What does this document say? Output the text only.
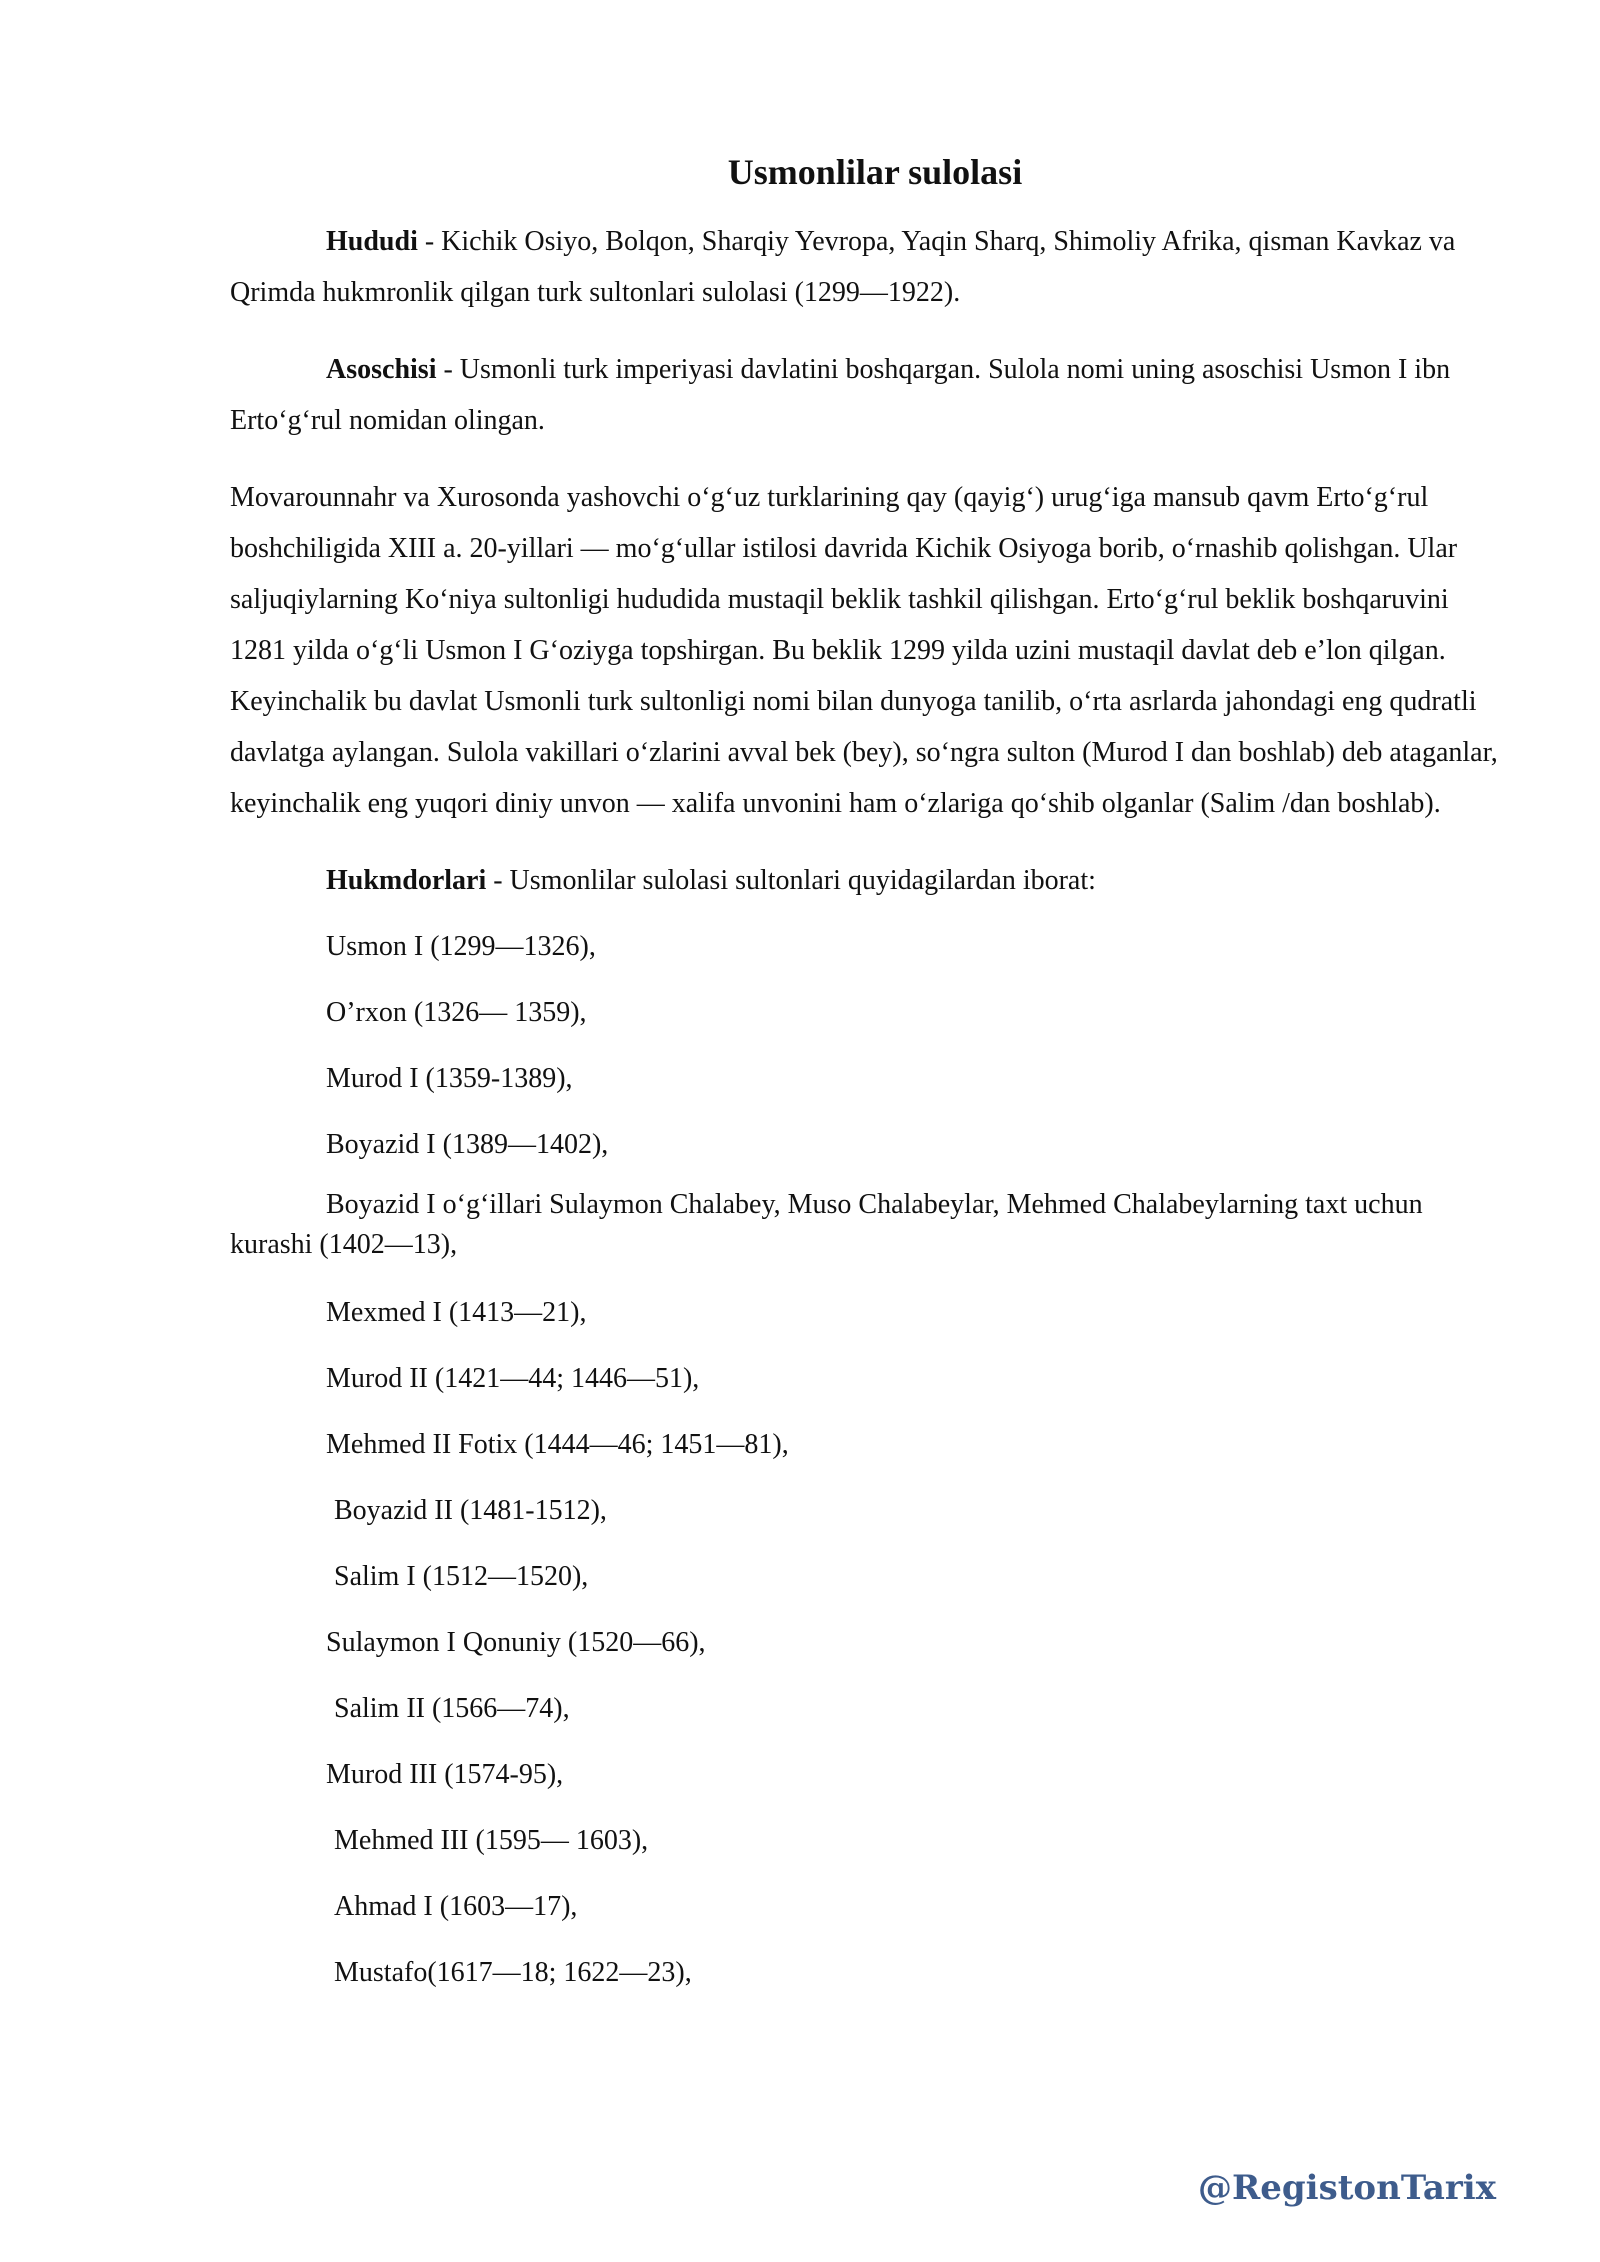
Usmonlilar sulolasi

Hududi - Kichik Osiyo, Bolqon, Sharqiy Yevropa, Yaqin Sharq, Shimoliy Afrika, qisman Kavkaz va Qrimda hukmronlik qilgan turk sultonlari sulolasi (1299—1922).

Asoschisi - Usmonli turk imperiyasi davlatini boshqargan. Sulola nomi uning asoschisi Usmon I ibn Erto‘g‘rul nomidan olingan.

Movarounnahr va Xurosonda yashovchi o‘g‘uz turklarining qay (qayig‘) urug‘iga mansub qavm Erto‘g‘rul boshchiligida XIII a. 20-yillari — mo‘g‘ullar istilosi davrida Kichik Osiyoga borib, o‘rnashib qolishgan. Ular saljuqiylarning Ko‘niya sultonligi hududida mustaqil beklik tashkil qilishgan. Erto‘g‘rul beklik boshqaruvini 1281 yilda o‘g‘li Usmon I G‘oziyga topshirgan. Bu beklik 1299 yilda uzini mustaqil davlat deb e’lon qilgan. Keyinchalik bu davlat Usmonli turk sultonligi nomi bilan dunyoga tanilib, o‘rta asrlarda jahondagi eng qudratli davlatga aylangan. Sulola vakillari o‘zlarini avval bek (bey), so‘ngra sulton (Murod I dan boshlab) deb ataganlar, keyinchalik eng yuqori diniy unvon — xalifa unvonini ham o‘zlariga qo‘shib olganlar (Salim /dan boshlab).

Hukmdorlari - Usmonlilar sulolasi sultonlari quyidagilardan iborat:

Usmon I (1299—1326),
O’rxon (1326— 1359),
Murod I (1359-1389),
Boyazid I (1389—1402),
Boyazid I o‘g‘illari Sulaymon Chalabey, Muso Chalabeylar, Mehmed Chalabeylarning taxt uchun kurashi (1402—13),
Mexmed I (1413—21),
Murod II (1421—44; 1446—51),
Mehmed II Fotix (1444—46; 1451—81),
Boyazid II (1481-1512),
Salim I (1512—1520),
Sulaymon I Qonuniy (1520—66),
Salim II (1566—74),
Murod III (1574-95),
Mehmed III (1595— 1603),
Ahmad I (1603—17),
Mustafo(1617—18; 1622—23),
@RegistonTarix
